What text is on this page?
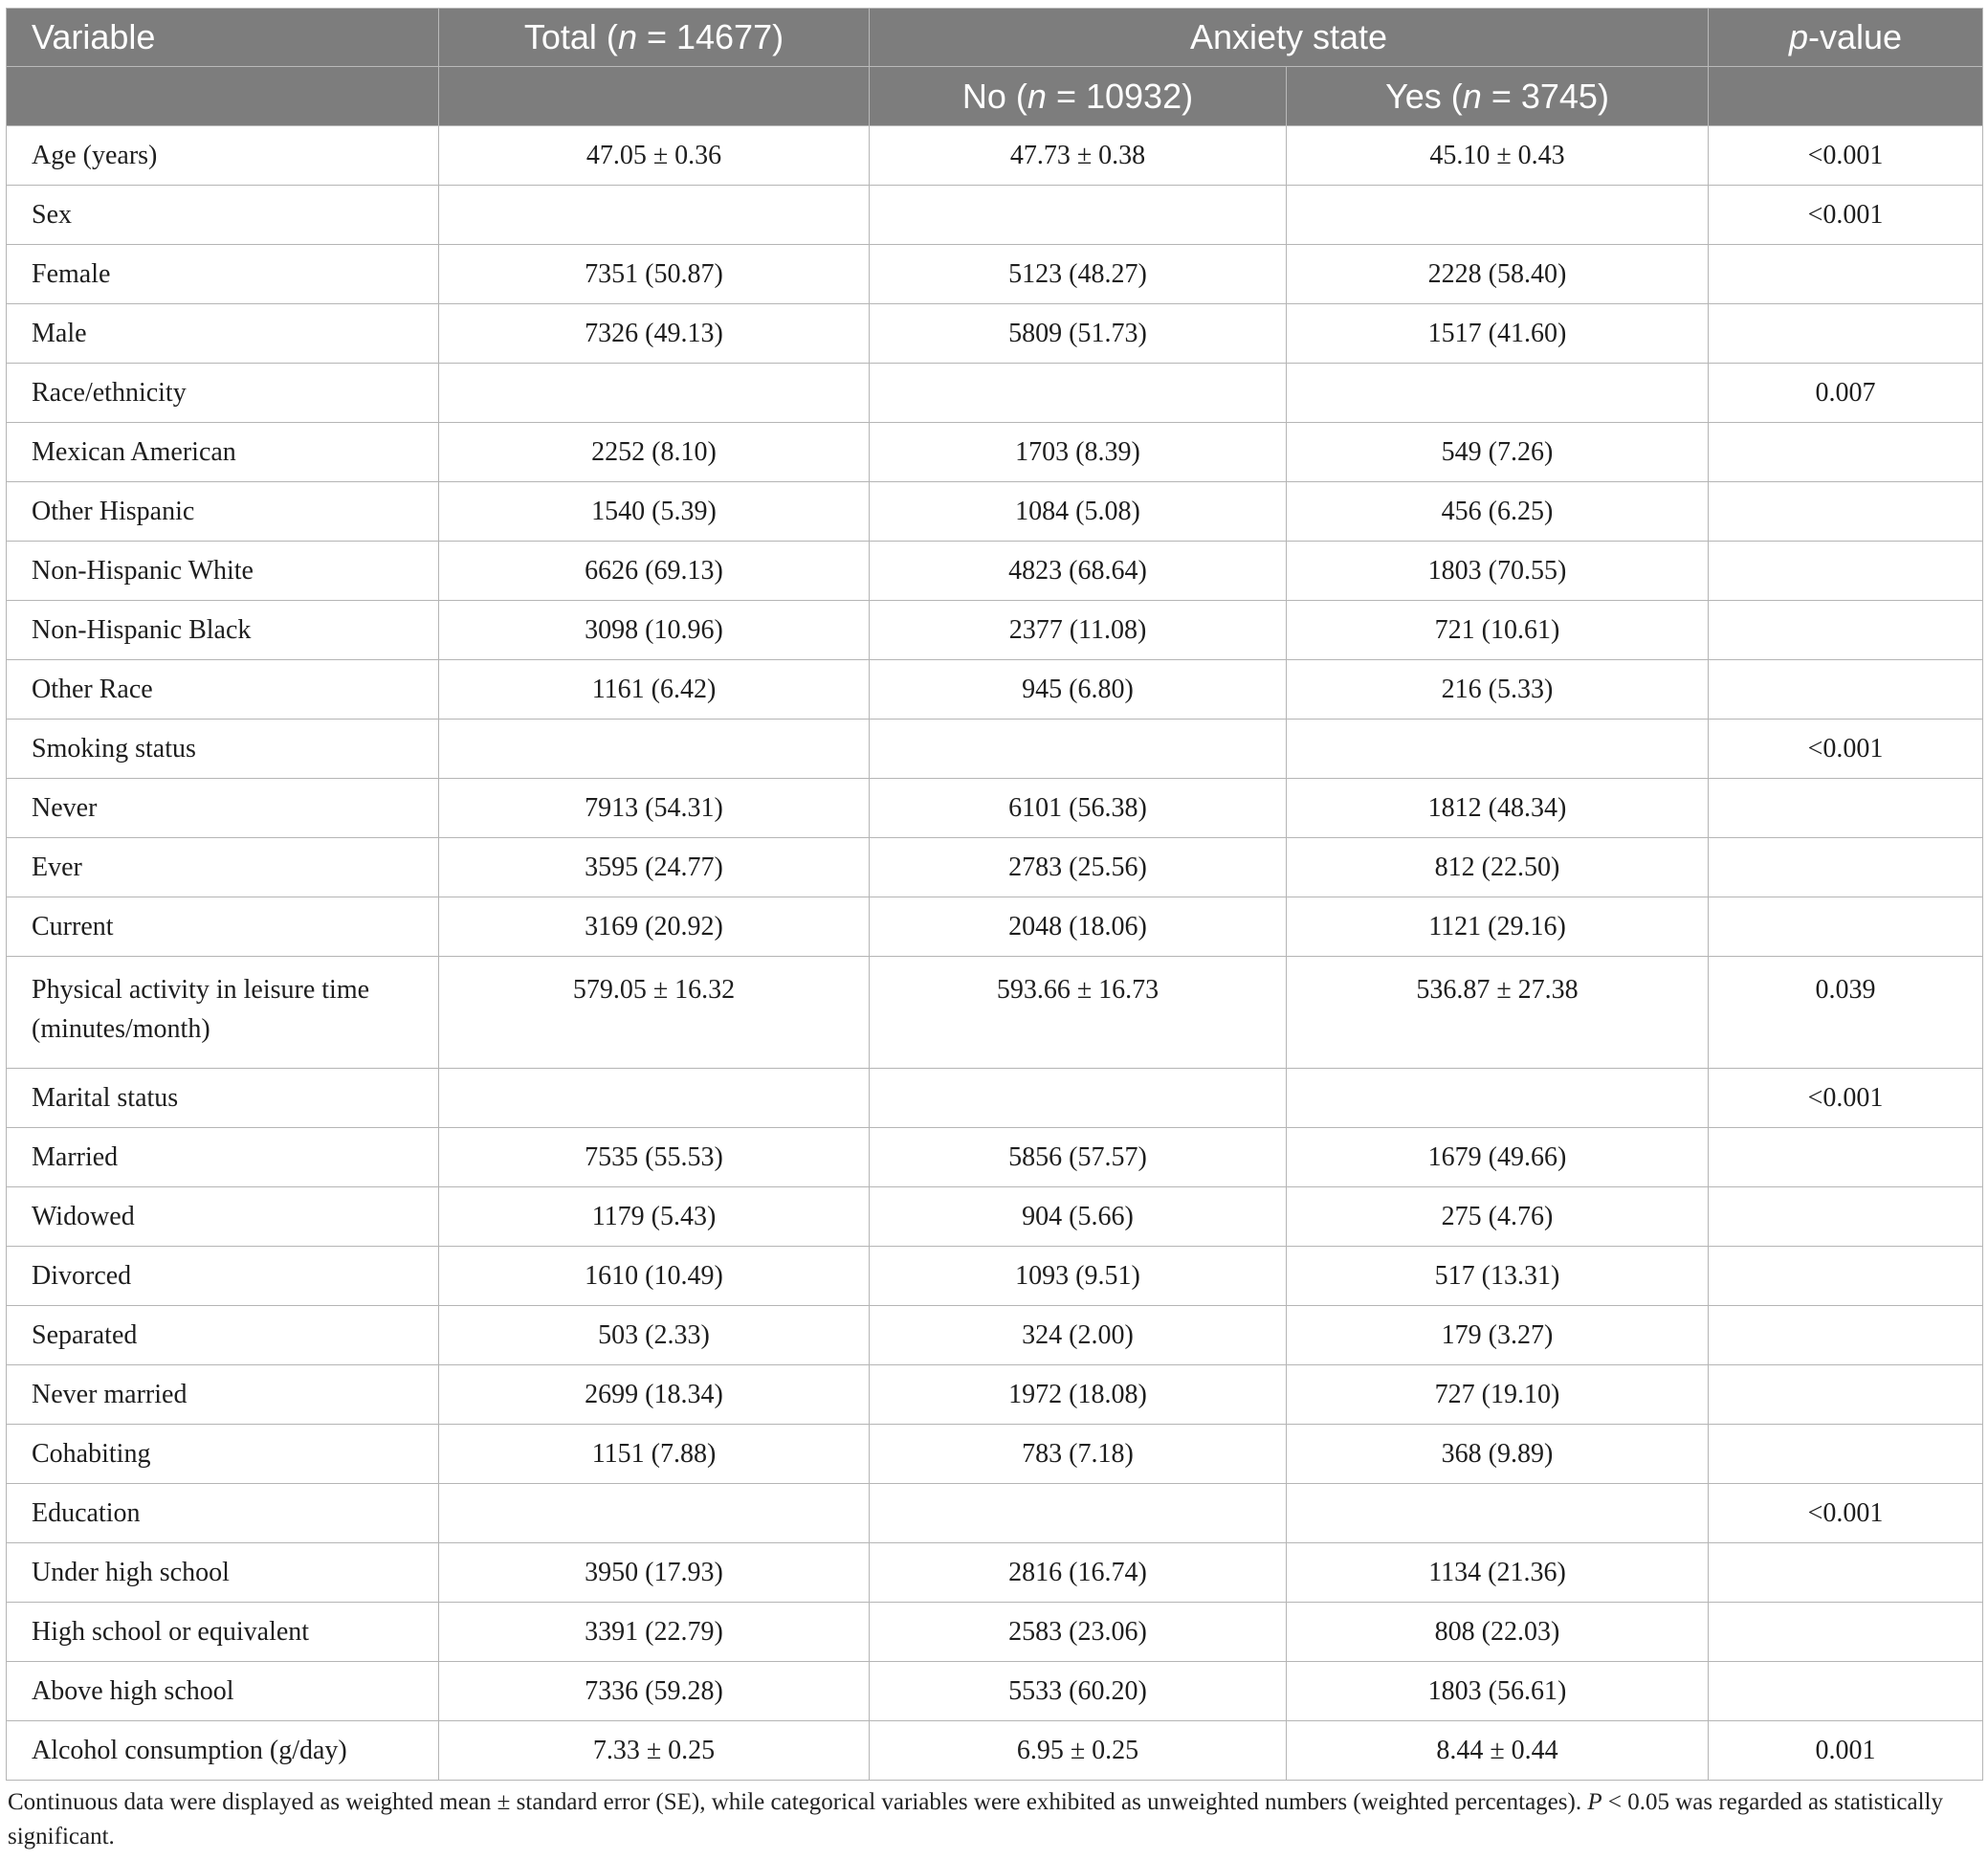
Variable	Total (n = 14677)	Anxiety state		p-value
		No (n = 10932)	Yes (n = 3745)	
Age (years)	47.05 ± 0.36	47.73 ± 0.38	45.10 ± 0.43	<0.001
Sex				<0.001
Female	7351 (50.87)	5123 (48.27)	2228 (58.40)	
Male	7326 (49.13)	5809 (51.73)	1517 (41.60)	
Race/ethnicity				0.007
Mexican American	2252 (8.10)	1703 (8.39)	549 (7.26)	
Other Hispanic	1540 (5.39)	1084 (5.08)	456 (6.25)	
Non-Hispanic White	6626 (69.13)	4823 (68.64)	1803 (70.55)	
Non-Hispanic Black	3098 (10.96)	2377 (11.08)	721 (10.61)	
Other Race	1161 (6.42)	945 (6.80)	216 (5.33)	
Smoking status				<0.001
Never	7913 (54.31)	6101 (56.38)	1812 (48.34)	
Ever	3595 (24.77)	2783 (25.56)	812 (22.50)	
Current	3169 (20.92)	2048 (18.06)	1121 (29.16)	
Physical activity in leisure time (minutes/month)	579.05 ± 16.32	593.66 ± 16.73	536.87 ± 27.38	0.039
Marital status				<0.001
Married	7535 (55.53)	5856 (57.57)	1679 (49.66)	
Widowed	1179 (5.43)	904 (5.66)	275 (4.76)	
Divorced	1610 (10.49)	1093 (9.51)	517 (13.31)	
Separated	503 (2.33)	324 (2.00)	179 (3.27)	
Never married	2699 (18.34)	1972 (18.08)	727 (19.10)	
Cohabiting	1151 (7.88)	783 (7.18)	368 (9.89)	
Education				<0.001
Under high school	3950 (17.93)	2816 (16.74)	1134 (21.36)	
High school or equivalent	3391 (22.79)	2583 (23.06)	808 (22.03)	
Above high school	7336 (59.28)	5533 (60.20)	1803 (56.61)	
Alcohol consumption (g/day)	7.33 ± 0.25	6.95 ± 0.25	8.44 ± 0.44	0.001
Continuous data were displayed as weighted mean ± standard error (SE), while categorical variables were exhibited as unweighted numbers (weighted percentages). P < 0.05 was regarded as statistically significant.
